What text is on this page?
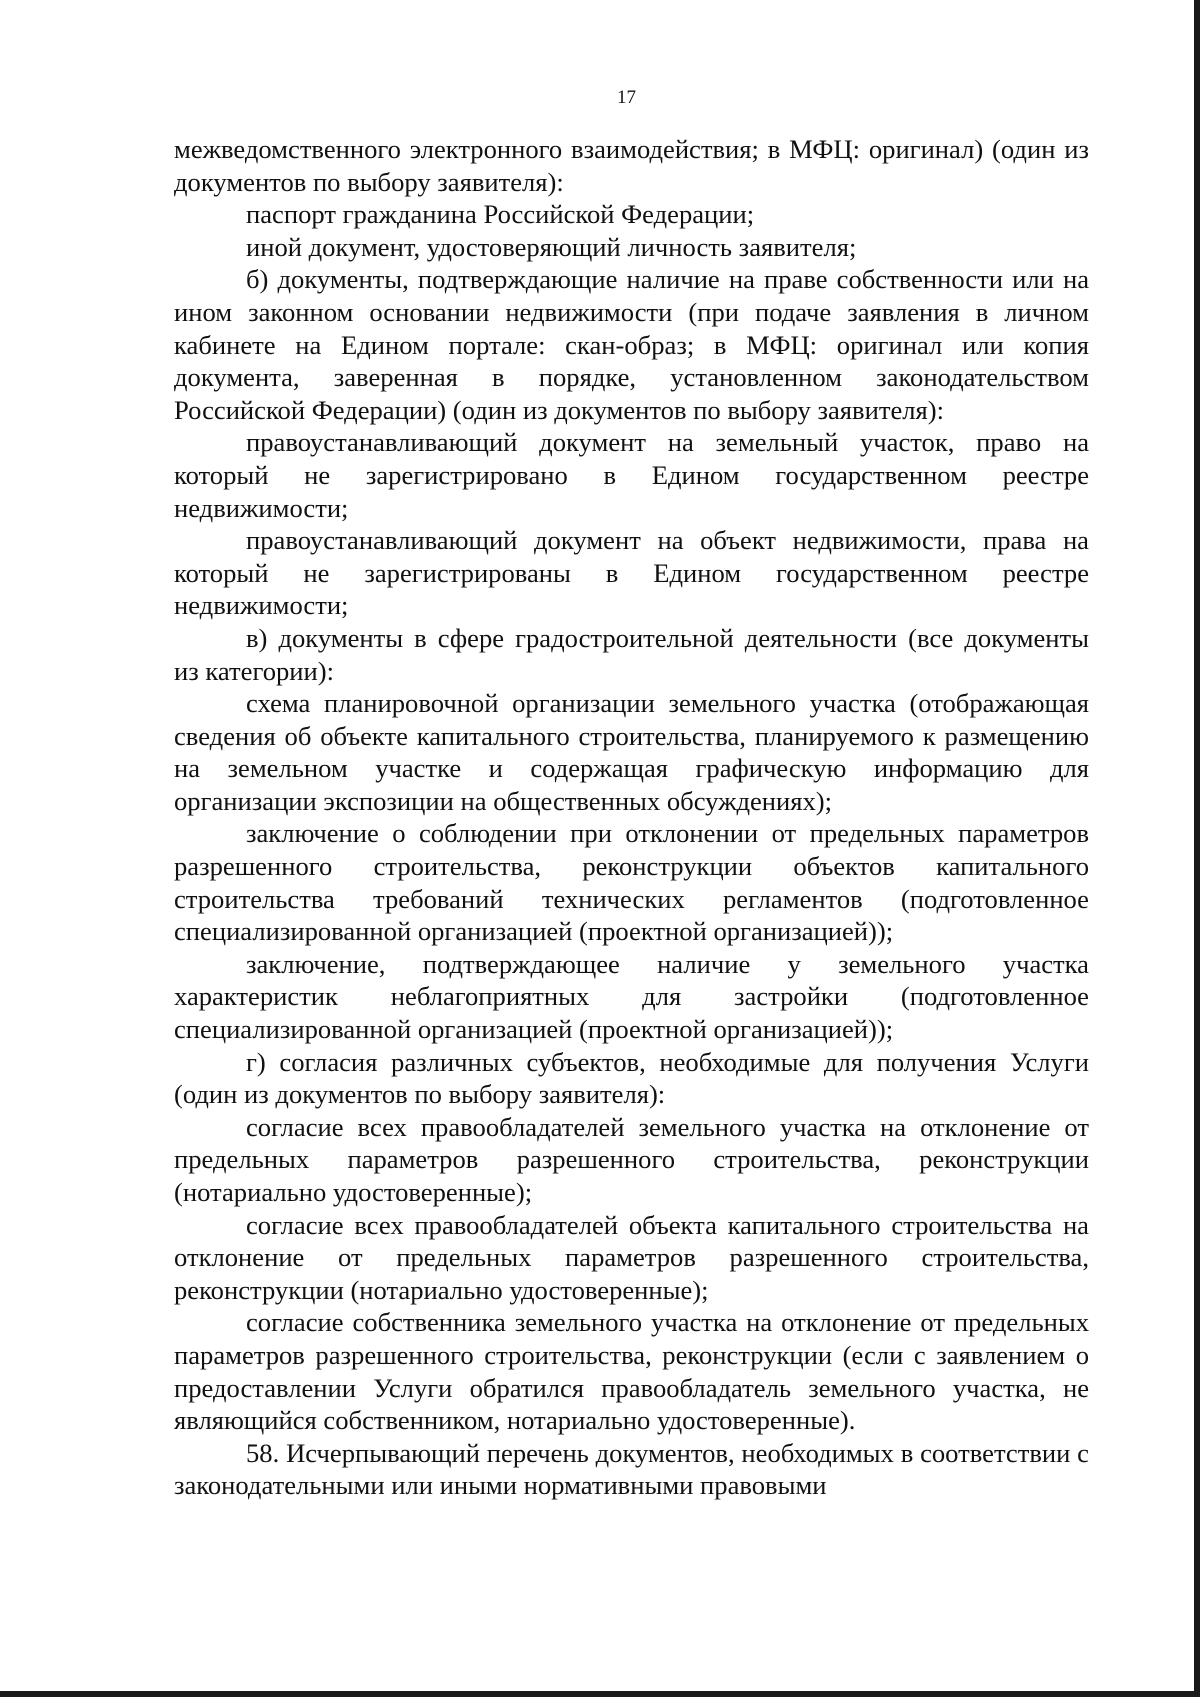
17

межведомственного электронного взаимодействия; в МФЦ: оригинал) (один из документов по выбору заявителя):

паспорт гражданина Российской Федерации;

иной документ, удостоверяющий личность заявителя;

б) документы, подтверждающие наличие на праве собственности или на ином законном основании недвижимости (при подаче заявления в личном кабинете на Едином портале: скан-образ; в МФЦ: оригинал или копия документа, заверенная в порядке, установленном законодательством Российской Федерации) (один из документов по выбору заявителя):

правоустанавливающий документ на земельный участок, право на который не зарегистрировано в Едином государственном реестре недвижимости;

правоустанавливающий документ на объект недвижимости, права на который не зарегистрированы в Едином государственном реестре недвижимости;

в) документы в сфере градостроительной деятельности (все документы из категории):

схема планировочной организации земельного участка (отображающая сведения об объекте капитального строительства, планируемого к размещению на земельном участке и содержащая графическую информацию для организации экспозиции на общественных обсуждениях);

заключение о соблюдении при отклонении от предельных параметров разрешенного строительства, реконструкции объектов капитального строительства требований технических регламентов (подготовленное специализированной организацией (проектной организацией));

заключение, подтверждающее наличие у земельного участка характеристик неблагоприятных для застройки (подготовленное специализированной организацией (проектной организацией));

г) согласия различных субъектов, необходимые для получения Услуги (один из документов по выбору заявителя):

согласие всех правообладателей земельного участка на отклонение от предельных параметров разрешенного строительства, реконструкции (нотариально удостоверенные);

согласие всех правообладателей объекта капитального строительства на отклонение от предельных параметров разрешенного строительства, реконструкции (нотариально удостоверенные);

согласие собственника земельного участка на отклонение от предельных параметров разрешенного строительства, реконструкции (если с заявлением о предоставлении Услуги обратился правообладатель земельного участка, не являющийся собственником, нотариально удостоверенные).

58. Исчерпывающий перечень документов, необходимых в соответствии с законодательными или иными нормативными правовыми
